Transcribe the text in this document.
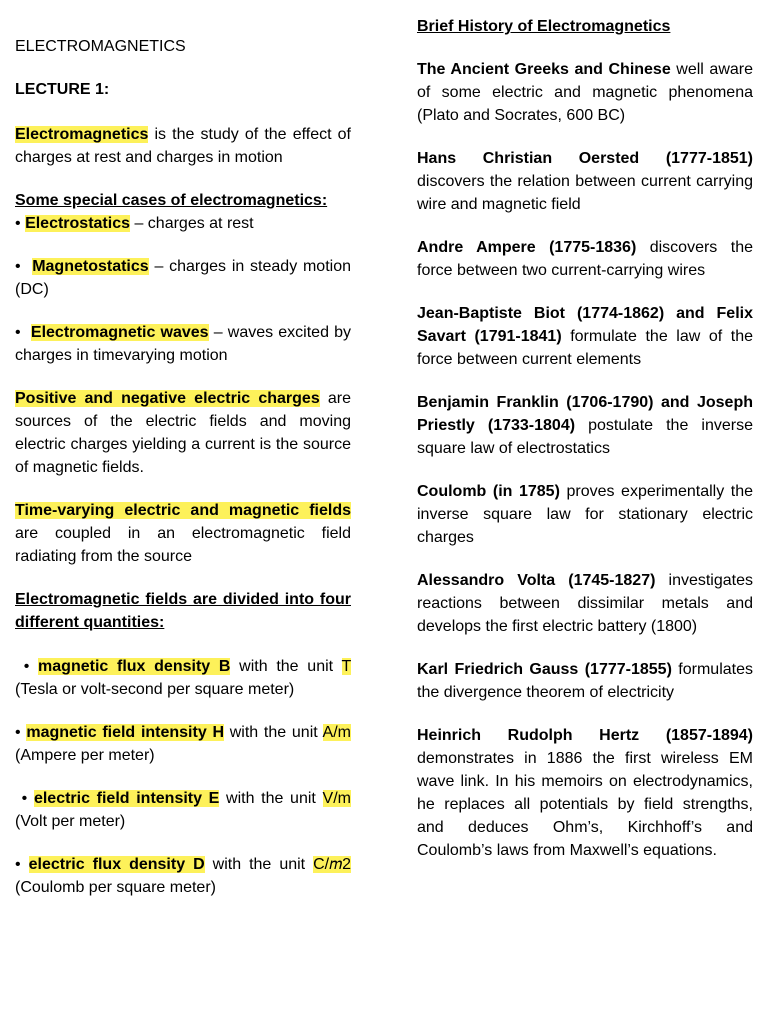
ELECTROMAGNETICS

LECTURE 1:

Electromagnetics is the study of the effect of charges at rest and charges in motion

Some special cases of electromagnetics:

• Electrostatics – charges at rest

• Magnetostatics – charges in steady motion (DC)

• Electromagnetic waves – waves excited by charges in timevarying motion

Positive and negative electric charges are sources of the electric fields and moving electric charges yielding a current is the source of magnetic fields.

Time-varying electric and magnetic fields are coupled in an electromagnetic field radiating from the source

Electromagnetic fields are divided into four different quantities:

• magnetic flux density B with the unit T (Tesla or volt-second per square meter)

• magnetic field intensity H with the unit A/m (Ampere per meter)

• electric field intensity E with the unit V/m (Volt per meter)

• electric flux density D with the unit C/𝑚2 (Coulomb per square meter)

Brief History of Electromagnetics

The Ancient Greeks and Chinese well aware of some electric and magnetic phenomena (Plato and Socrates, 600 BC)

Hans Christian Oersted (1777-1851) discovers the relation between current carrying wire and magnetic field

Andre Ampere (1775-1836) discovers the force between two current-carrying wires

Jean-Baptiste Biot (1774-1862) and Felix Savart (1791-1841) formulate the law of the force between current elements

Benjamin Franklin (1706-1790) and Joseph Priestly (1733-1804) postulate the inverse square law of electrostatics

Coulomb (in 1785) proves experimentally the inverse square law for stationary electric charges

Alessandro Volta (1745-1827) investigates reactions between dissimilar metals and develops the first electric battery (1800)

Karl Friedrich Gauss (1777-1855) formulates the divergence theorem of electricity

Heinrich Rudolph Hertz (1857-1894) demonstrates in 1886 the first wireless EM wave link. In his memoirs on electrodynamics, he replaces all potentials by field strengths, and deduces Ohm’s, Kirchhoff’s and Coulomb’s laws from Maxwell’s equations.
